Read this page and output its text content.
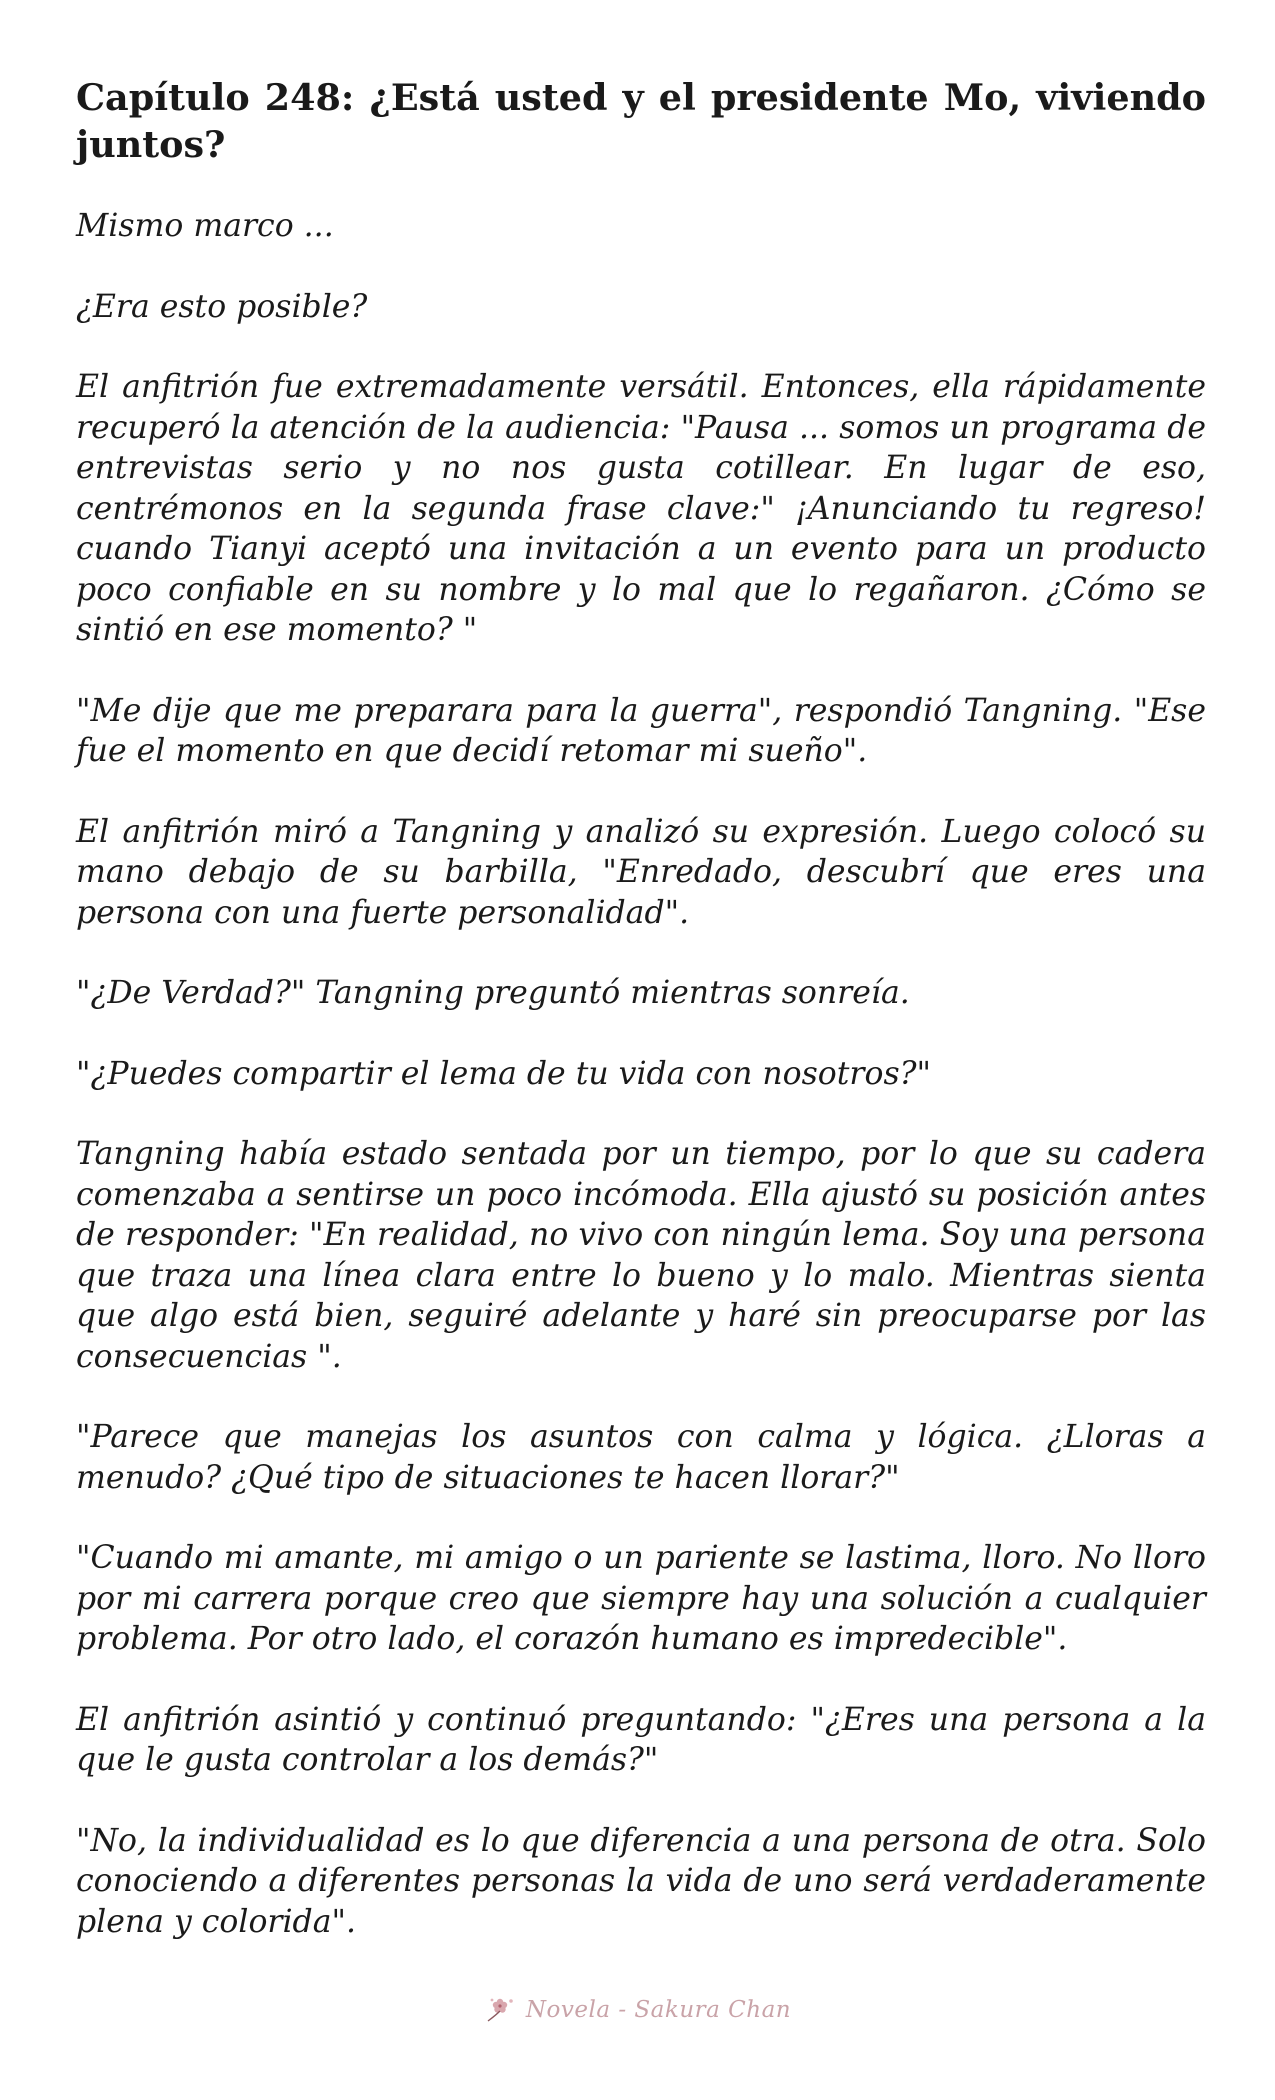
Capítulo 248: ¿Está usted y el presidente Mo, viviendo juntos?

Mismo marco ...

¿Era esto posible?

El anfitrión fue extremadamente versátil. Entonces, ella rápidamente recuperó la atención de la audiencia: "Pausa ... somos un programa de entrevistas serio y no nos gusta cotillear. En lugar de eso, centrémonos en la segunda frase clave:" ¡Anunciando tu regreso! cuando Tianyi aceptó una invitación a un evento para un producto poco confiable en su nombre y lo mal que lo regañaron. ¿Cómo se sintió en ese momento? "

"Me dije que me preparara para la guerra", respondió Tangning. "Ese fue el momento en que decidí retomar mi sueño".

El anfitrión miró a Tangning y analizó su expresión. Luego colocó su mano debajo de su barbilla, "Enredado, descubrí que eres una persona con una fuerte personalidad".

"¿De Verdad?" Tangning preguntó mientras sonreía.

"¿Puedes compartir el lema de tu vida con nosotros?"

Tangning había estado sentada por un tiempo, por lo que su cadera comenzaba a sentirse un poco incómoda. Ella ajustó su posición antes de responder: "En realidad, no vivo con ningún lema. Soy una persona que traza una línea clara entre lo bueno y lo malo. Mientras sienta que algo está bien, seguiré adelante y haré sin preocuparse por las consecuencias ".

"Parece que manejas los asuntos con calma y lógica. ¿Lloras a menudo? ¿Qué tipo de situaciones te hacen llorar?"

"Cuando mi amante, mi amigo o un pariente se lastima, lloro. No lloro por mi carrera porque creo que siempre hay una solución a cualquier problema. Por otro lado, el corazón humano es impredecible".

El anfitrión asintió y continuó preguntando: "¿Eres una persona a la que le gusta controlar a los demás?"

"No, la individualidad es lo que diferencia a una persona de otra. Solo conociendo a diferentes personas la vida de uno será verdaderamente plena y colorida".

Novela - Sakura Chan
